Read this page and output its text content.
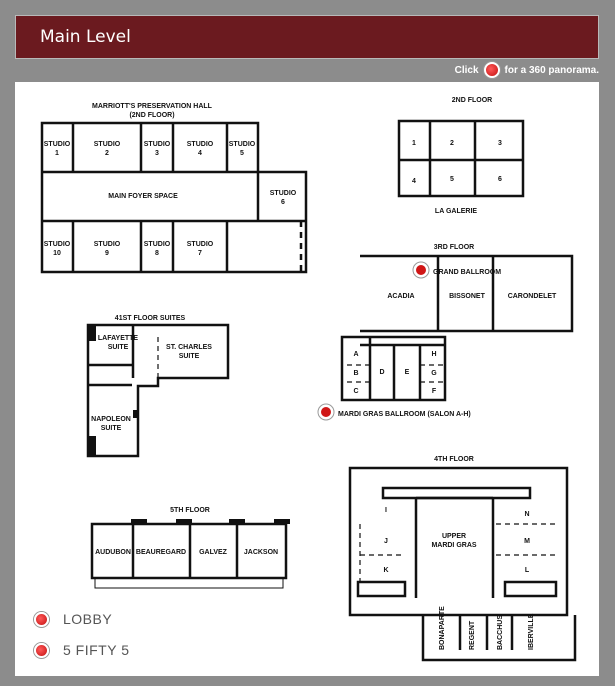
Main Level
Click	for a 360 panorama.
MARRIOTT'S PRESERVATION HALL
(2ND FLOOR)
STUDIO
1
STUDIO
2
STUDIO
3
STUDIO
4
STUDIO
5
MAIN FOYER SPACE	STUDIO
6
STUDIO
10
STUDIO
9
STUDIO
8
STUDIO
7
2ND FLOOR
1	2	3
4	5	6
LA GALERIE
3RD FLOOR
ACADIA	BISSONET	CARONDELET
A
B
C
D	E
H
G
F
41ST FLOOR SUITES
LAFAYETTE
SUITE	ST. CHARLES
SUITE
NAPOLEON
SUITE
5TH FLOOR
AUDUBON BEAUREGARD GALVEZ JACKSON
4TH FLOOR
I
J
K
UPPER
MARDI GRAS
N
M
L
GRAND BALLROOM
MARDI GRAS BALLROOM (SALON A-H)
BONAPARTE	REGENT	BACCHUS	IBERVILLE
LOBBY
5 FIFTY 5
